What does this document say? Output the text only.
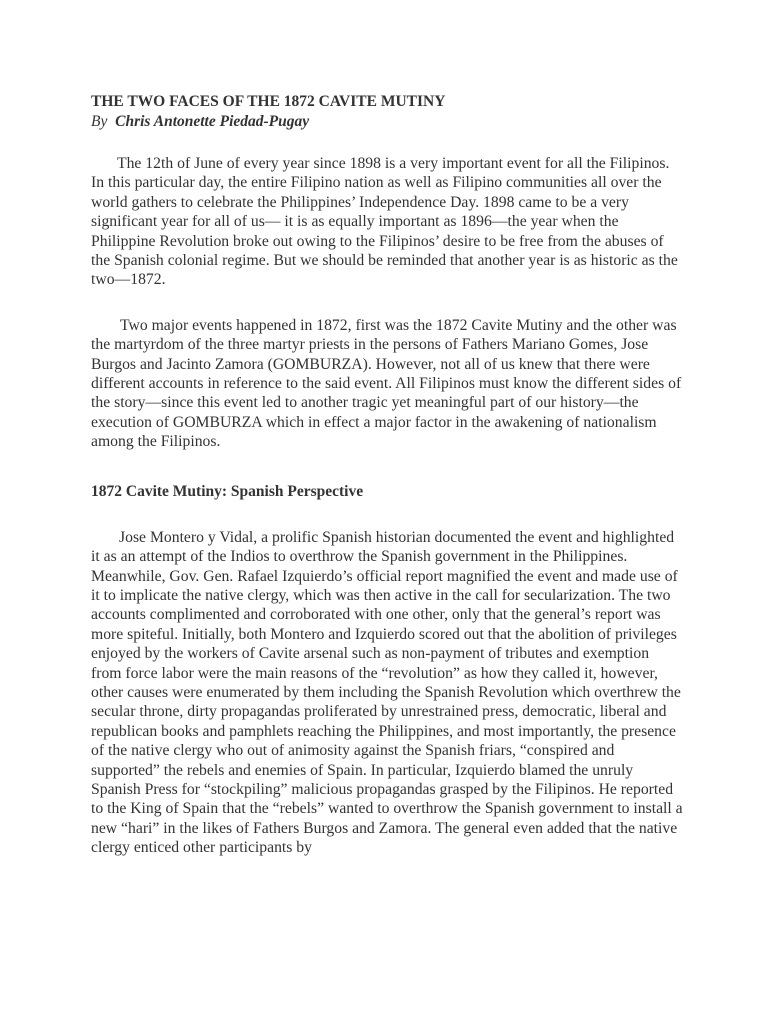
THE TWO FACES OF THE 1872 CAVITE MUTINY

By Chris Antonette Piedad-Pugay

The 12th of June of every year since 1898 is a very important event for all the Filipinos. In this particular day, the entire Filipino nation as well as Filipino communities all over the world gathers to celebrate the Philippines’ Independence Day. 1898 came to be a very significant year for all of us— it is as equally important as 1896—the year when the Philippine Revolution broke out owing to the Filipinos’ desire to be free from the abuses of the Spanish colonial regime. But we should be reminded that another year is as historic as the two—1872.

Two major events happened in 1872, first was the 1872 Cavite Mutiny and the other was the martyrdom of the three martyr priests in the persons of Fathers Mariano Gomes, Jose Burgos and Jacinto Zamora (GOMBURZA). However, not all of us knew that there were different accounts in reference to the said event. All Filipinos must know the different sides of the story—since this event led to another tragic yet meaningful part of our history—the execution of GOMBURZA which in effect a major factor in the awakening of nationalism among the Filipinos.

1872 Cavite Mutiny: Spanish Perspective

Jose Montero y Vidal, a prolific Spanish historian documented the event and highlighted it as an attempt of the Indios to overthrow the Spanish government in the Philippines. Meanwhile, Gov. Gen. Rafael Izquierdo’s official report magnified the event and made use of it to implicate the native clergy, which was then active in the call for secularization. The two accounts complimented and corroborated with one other, only that the general’s report was more spiteful. Initially, both Montero and Izquierdo scored out that the abolition of privileges enjoyed by the workers of Cavite arsenal such as non-payment of tributes and exemption from force labor were the main reasons of the “revolution” as how they called it, however, other causes were enumerated by them including the Spanish Revolution which overthrew the secular throne, dirty propagandas proliferated by unrestrained press, democratic, liberal and republican books and pamphlets reaching the Philippines, and most importantly, the presence of the native clergy who out of animosity against the Spanish friars, “conspired and supported” the rebels and enemies of Spain. In particular, Izquierdo blamed the unruly Spanish Press for “stockpiling” malicious propagandas grasped by the Filipinos. He reported to the King of Spain that the “rebels” wanted to overthrow the Spanish government to install a new “hari” in the likes of Fathers Burgos and Zamora. The general even added that the native clergy enticed other participants by
